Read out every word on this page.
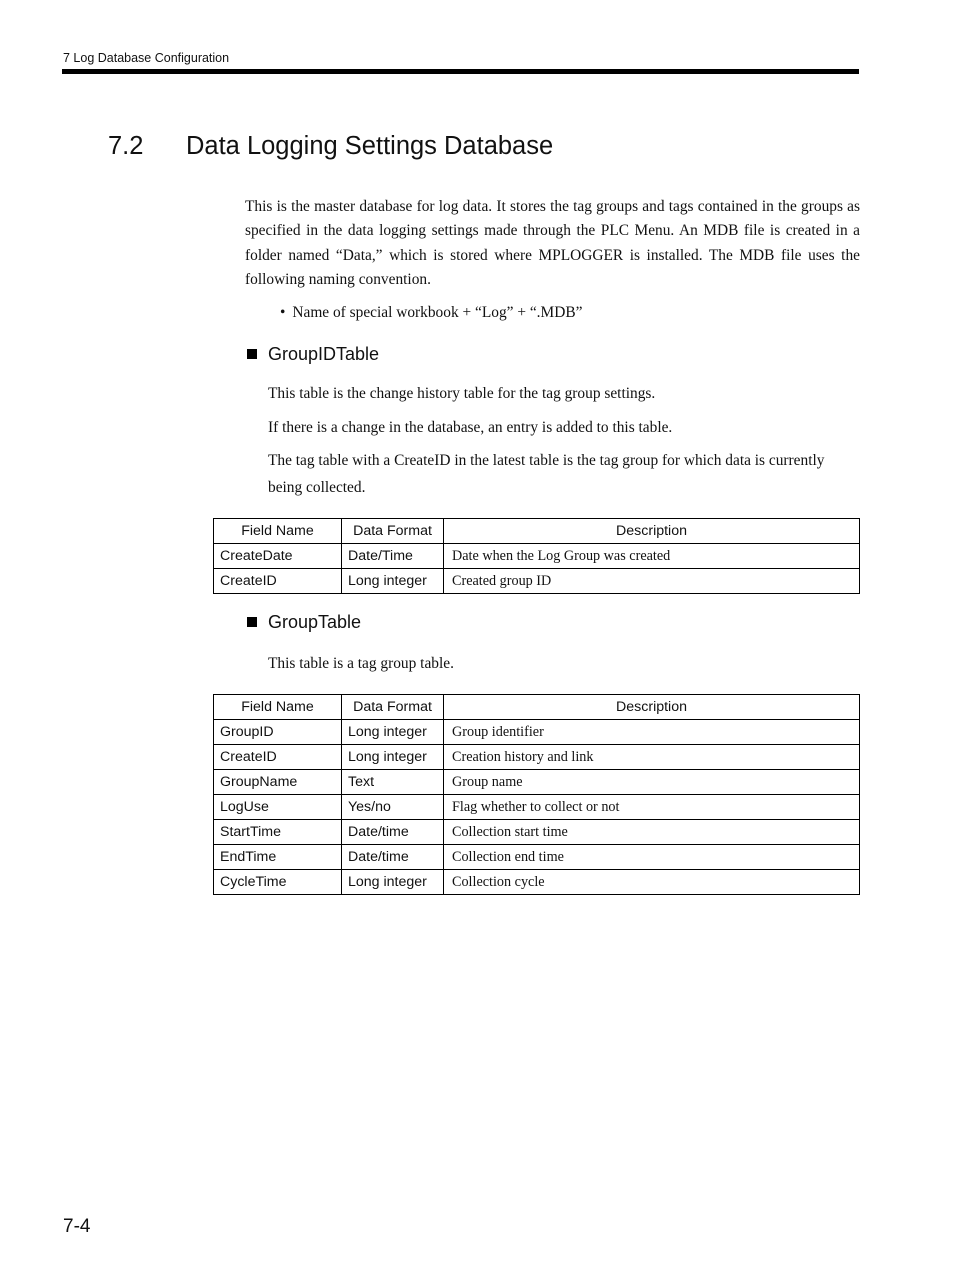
7 Log Database Configuration
7.2 Data Logging Settings Database
This is the master database for log data. It stores the tag groups and tags contained in the groups as specified in the data logging settings made through the PLC Menu. An MDB file is created in a folder named “Data,” which is stored where MPLOGGER is installed. The MDB file uses the following naming convention.
• Name of special workbook + “Log” + “.MDB”
GroupIDTable
This table is the change history table for the tag group settings.
If there is a change in the database, an entry is added to this table.
The tag table with a CreateID in the latest table is the tag group for which data is currently
being collected.
Field Name	Data Format	Description
CreateDate	Date/Time	Date when the Log Group was created
CreateID	Long integer	Created group ID
GroupTable
This table is a tag group table.
Field Name	Data Format	Description
GroupID	Long integer	Group identifier
CreateID	Long integer	Creation history and link
GroupName	Text	Group name
LogUse	Yes/no	Flag whether to collect or not
StartTime	Date/time	Collection start time
EndTime	Date/time	Collection end time
CycleTime	Long integer	Collection cycle
7-4
